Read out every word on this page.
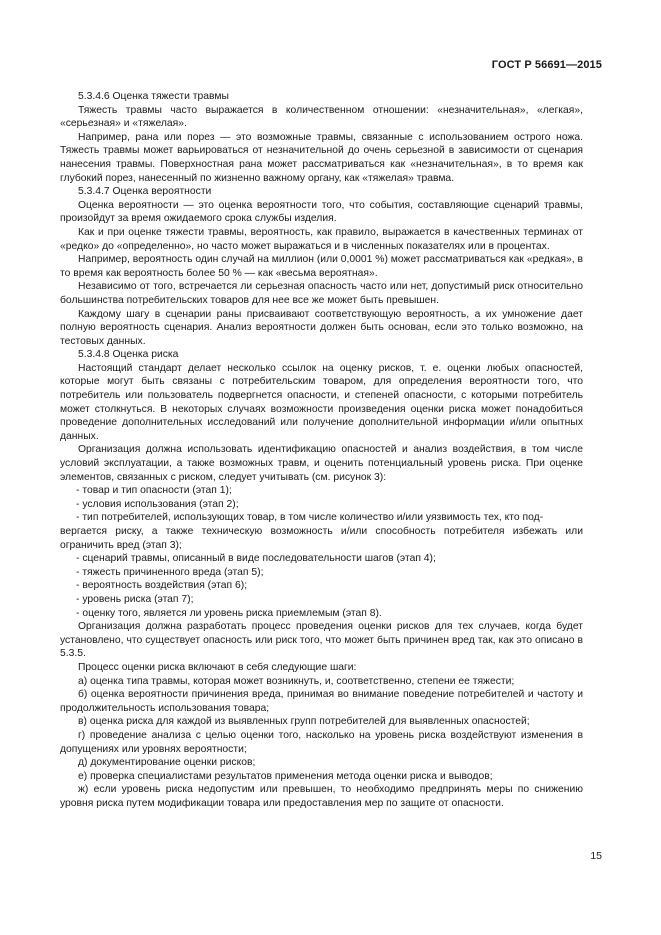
ГОСТ Р 56691—2015

5.3.4.6 Оценка тяжести травмы

Тяжесть травмы часто выражается в количественном отношении: «незначительная», «легкая», «серьезная» и «тяжелая».

Например, рана или порез — это возможные травмы, связанные с использованием острого ножа. Тяжесть травмы может варьироваться от незначительной до очень серьезной в зависимости от сценария нанесения травмы. Поверхностная рана может рассматриваться как «незначительная», в то время как глубокий порез, нанесенный по жизненно важному органу, как «тяжелая» травма.

5.3.4.7 Оценка вероятности

Оценка вероятности — это оценка вероятности того, что события, составляющие сценарий травмы, произойдут за время ожидаемого срока службы изделия.

Как и при оценке тяжести травмы, вероятность, как правило, выражается в качественных терминах от «редко» до «определенно», но часто может выражаться и в численных показателях или в процентах.

Например, вероятность один случай на миллион (или 0,0001 %) может рассматриваться как «редкая», в то время как вероятность более 50 % — как «весьма вероятная».

Независимо от того, встречается ли серьезная опасность часто или нет, допустимый риск относительно большинства потребительских товаров для нее все же может быть превышен.

Каждому шагу в сценарии раны присваивают соответствующую вероятность, а их умножение дает полную вероятность сценария. Анализ вероятности должен быть основан, если это только возможно, на тестовых данных.

5.3.4.8 Оценка риска

Настоящий стандарт делает несколько ссылок на оценку рисков, т. е. оценки любых опасностей, которые могут быть связаны с потребительским товаром, для определения вероятности того, что потребитель или пользователь подвергнется опасности, и степеней опасности, с которыми потребитель может столкнуться. В некоторых случаях возможности произведения оценки риска может понадобиться проведение дополнительных исследований или получение дополнительной информации и/или опытных данных.

Организация должна использовать идентификацию опасностей и анализ воздействия, в том числе условий эксплуатации, а также возможных травм, и оценить потенциальный уровень риска. При оценке элементов, связанных с риском, следует учитывать (см. рисунок 3):

- товар и тип опасности (этап 1);

- условия использования (этап 2);

- тип потребителей, использующих товар, в том числе количество и/или уязвимость тех, кто под-
вергается риску, а также техническую возможность и/или способность потребителя избежать или ограничить вред (этап 3);

- сценарий травмы, описанный в виде последовательности шагов (этап 4);

- тяжесть причиненного вреда (этап 5);

- вероятность воздействия (этап 6);

- уровень риска (этап 7);

- оценку того, является ли уровень риска приемлемым (этап 8).

Организация должна разработать процесс проведения оценки рисков для тех случаев, когда будет установлено, что существует опасность или риск того, что может быть причинен вред так, как это описано в 5.3.5.

Процесс оценки риска включают в себя следующие шаги:

а) оценка типа травмы, которая может возникнуть, и, соответственно, степени ее тяжести;

б) оценка вероятности причинения вреда, принимая во внимание поведение потребителей и частоту и продолжительность использования товара;

в) оценка риска для каждой из выявленных групп потребителей для выявленных опасностей;

г) проведение анализа с целью оценки того, насколько на уровень риска воздействуют изменения в допущениях или уровнях вероятности;

д) документирование оценки рисков;

е) проверка специалистами результатов применения метода оценки риска и выводов;

ж) если уровень риска недопустим или превышен, то необходимо предпринять меры по снижению уровня риска путем модификации товара или предоставления мер по защите от опасности.

15
